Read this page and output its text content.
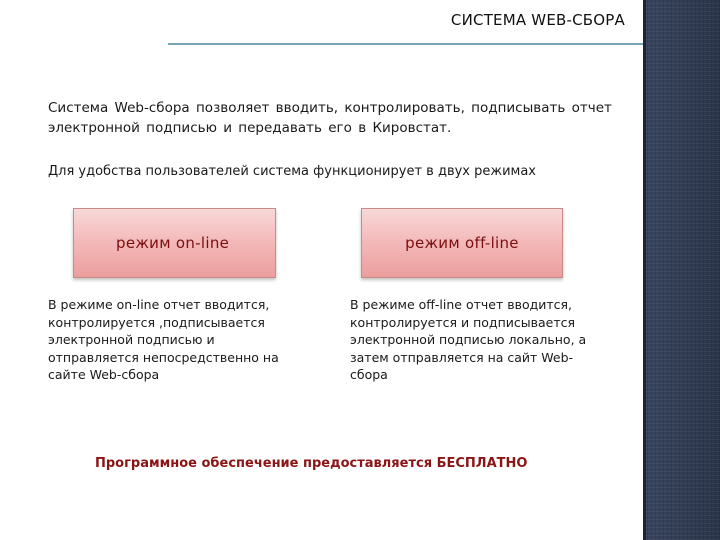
СИСТЕМА WEB-СБОРА

Система Web-сбора позволяет вводить, контролировать, подписывать отчет электронной подписью и передавать его в Кировстат.

Для удобства пользователей система функционирует в двух режимах

режим on-line	режим off-line

В режиме on-line отчет вводится, контролируется ,подписывается электронной подписью и отправляется непосредственно на сайте Web-сбора

В режиме off-line отчет вводится, контролируется и подписывается электронной подписью локально, а затем отправляется на сайт Web-сбора

Программное обеспечение предоставляется БЕСПЛАТНО
